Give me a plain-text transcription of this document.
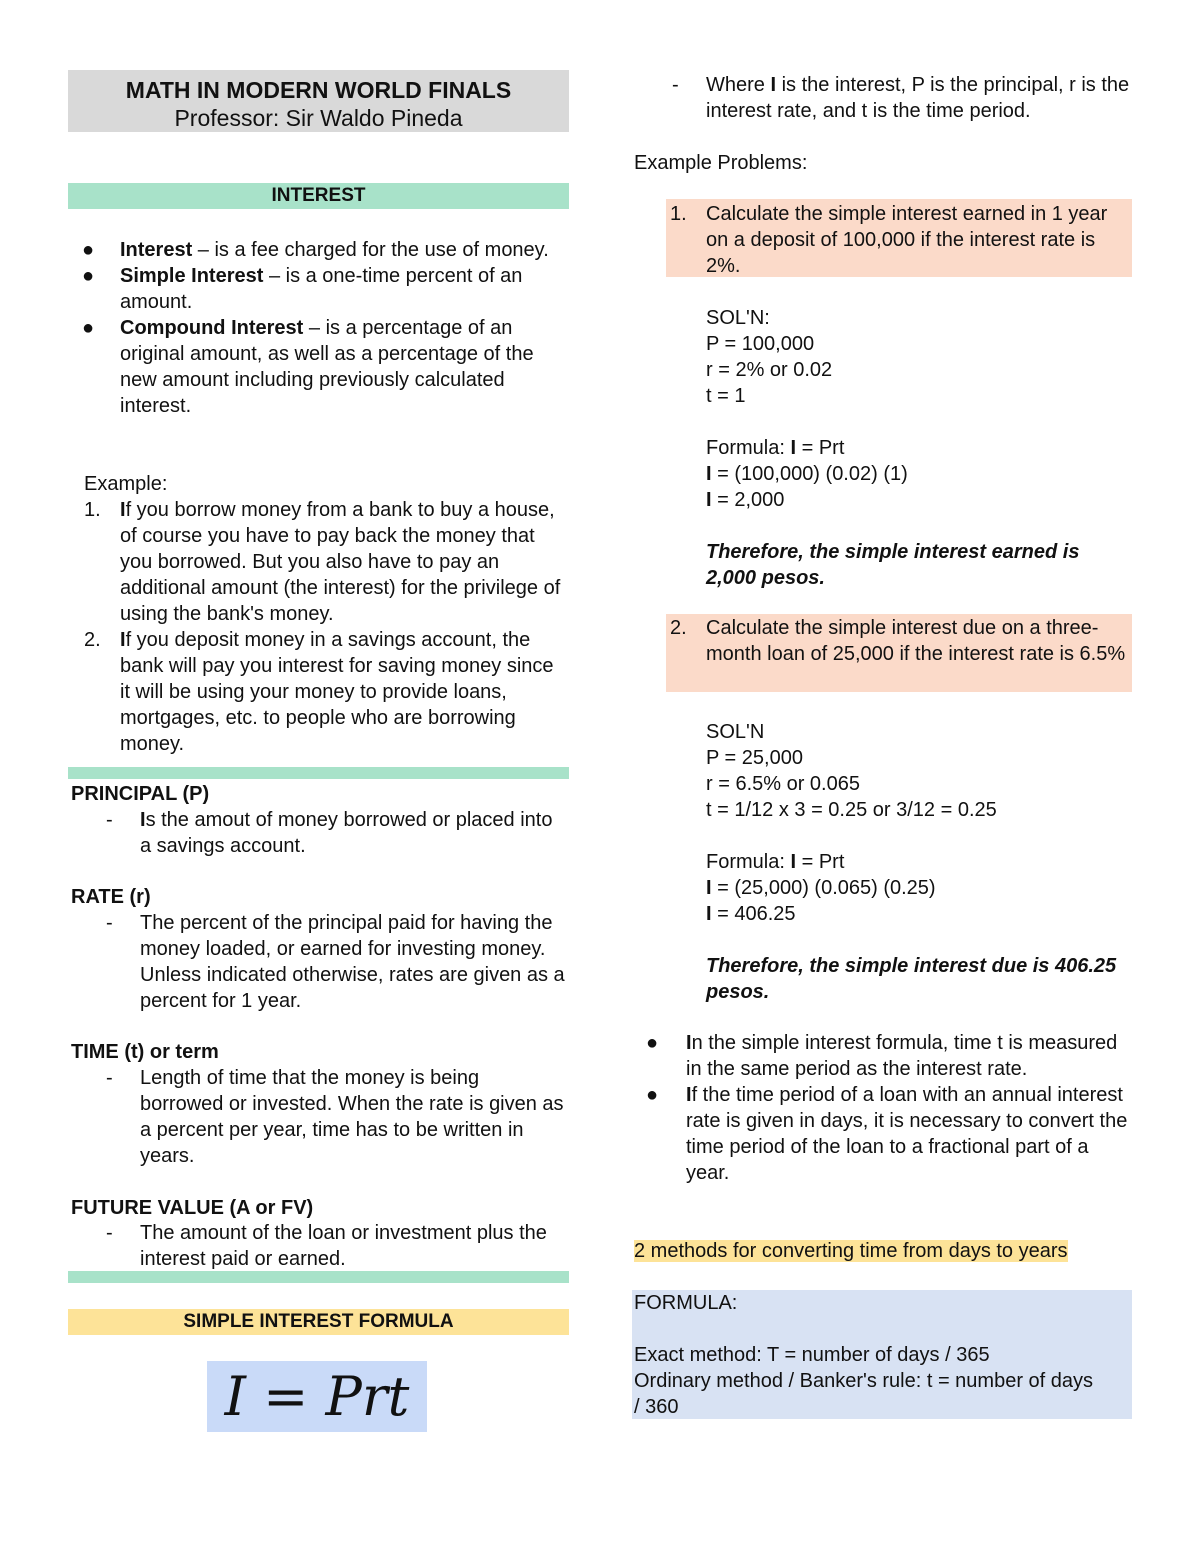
MATH IN MODERN WORLD FINALS
Professor: Sir Waldo Pineda
INTEREST
● Interest – is a fee charged for the use of money.
● Simple Interest – is a one-time percent of an amount.
● Compound Interest – is a percentage of an original amount, as well as a percentage of the new amount including previously calculated interest.
Example:
1. If you borrow money from a bank to buy a house, of course you have to pay back the money that you borrowed. But you also have to pay an additional amount (the interest) for the privilege of using the bank's money.
2. If you deposit money in a savings account, the bank will pay you interest for saving money since it will be using your money to provide loans, mortgages, etc. to people who are borrowing money.
PRINCIPAL (P)
- Is the amout of money borrowed or placed into a savings account.
RATE (r)
- The percent of the principal paid for having the money loaded, or earned for investing money. Unless indicated otherwise, rates are given as a percent for 1 year.
TIME (t) or term
- Length of time that the money is being borrowed or invested. When the rate is given as a percent per year, time has to be written in years.
FUTURE VALUE (A or FV)
- The amount of the loan or investment plus the interest paid or earned.
SIMPLE INTEREST FORMULA
I = Prt
- Where I is the interest, P is the principal, r is the interest rate, and t is the time period.
Example Problems:
1. Calculate the simple interest earned in 1 year on a deposit of 100,000 if the interest rate is 2%.
SOL'N:
P = 100,000
r = 2% or 0.02
t = 1
Formula: I = Prt
I = (100,000) (0.02) (1)
I = 2,000
Therefore, the simple interest earned is 2,000 pesos.
2. Calculate the simple interest due on a three-month loan of 25,000 if the interest rate is 6.5%
SOL'N
P = 25,000
r = 6.5% or 0.065
t = 1/12 x 3 = 0.25 or 3/12 = 0.25
Formula: I = Prt
I = (25,000) (0.065) (0.25)
I = 406.25
Therefore, the simple interest due is 406.25 pesos.
● In the simple interest formula, time t is measured in the same period as the interest rate.
● If the time period of a loan with an annual interest rate is given in days, it is necessary to convert the time period of the loan to a fractional part of a year.
2 methods for converting time from days to years
FORMULA:
Exact method: T = number of days / 365
Ordinary method / Banker's rule: t = number of days / 360
